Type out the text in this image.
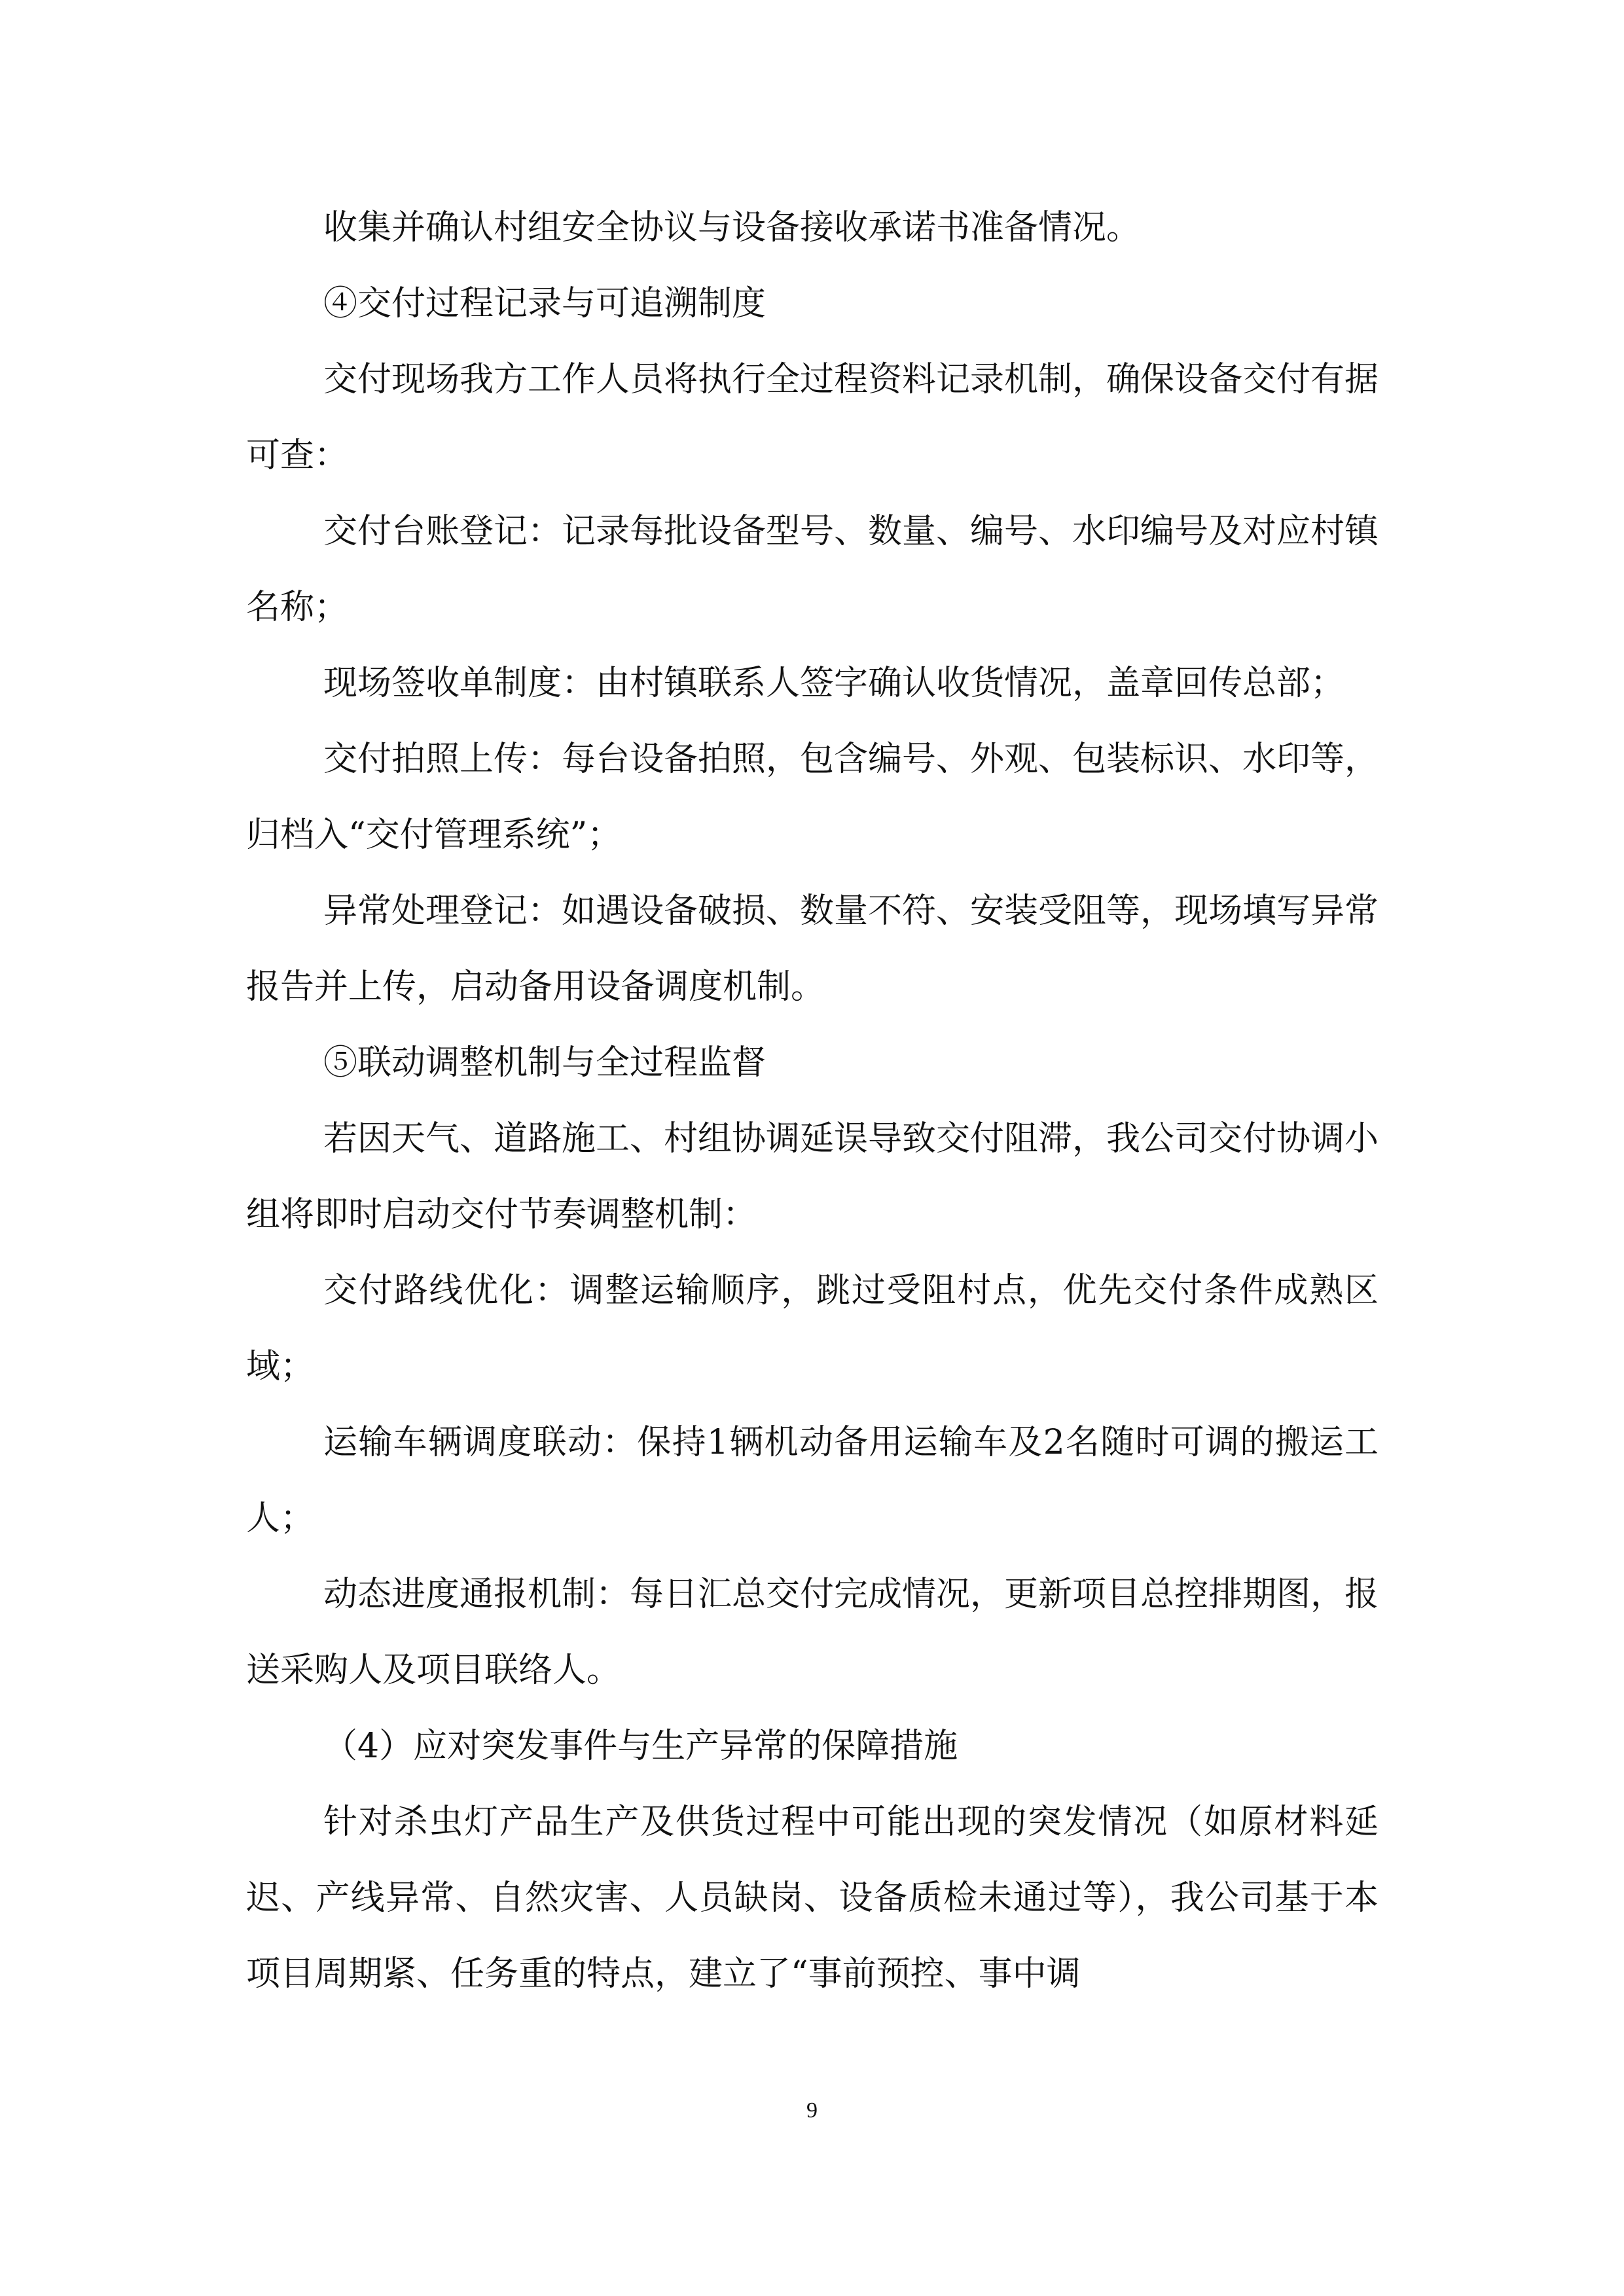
收集并确认村组安全协议与设备接收承诺书准备情况。

④交付过程记录与可追溯制度

交付现场我方工作人员将执行全过程资料记录机制，确保设备交付有据可查：

交付台账登记：记录每批设备型号、数量、编号、水印编号及对应村镇名称；

现场签收单制度：由村镇联系人签字确认收货情况，盖章回传总部；

交付拍照上传：每台设备拍照，包含编号、外观、包装标识、水印等，归档入“交付管理系统”；

异常处理登记：如遇设备破损、数量不符、安装受阻等，现场填写异常报告并上传，启动备用设备调度机制。

⑤联动调整机制与全过程监督

若因天气、道路施工、村组协调延误导致交付阻滞，我公司交付协调小组将即时启动交付节奏调整机制：

交付路线优化：调整运输顺序，跳过受阻村点，优先交付条件成熟区域；

运输车辆调度联动：保持1辆机动备用运输车及2名随时可调的搬运工人；

动态进度通报机制：每日汇总交付完成情况，更新项目总控排期图，报送采购人及项目联络人。

（4）应对突发事件与生产异常的保障措施

针对杀虫灯产品生产及供货过程中可能出现的突发情况（如原材料延迟、产线异常、自然灾害、人员缺岗、设备质检未通过等），我公司基于本项目周期紧、任务重的特点，建立了“事前预控、事中调

9
